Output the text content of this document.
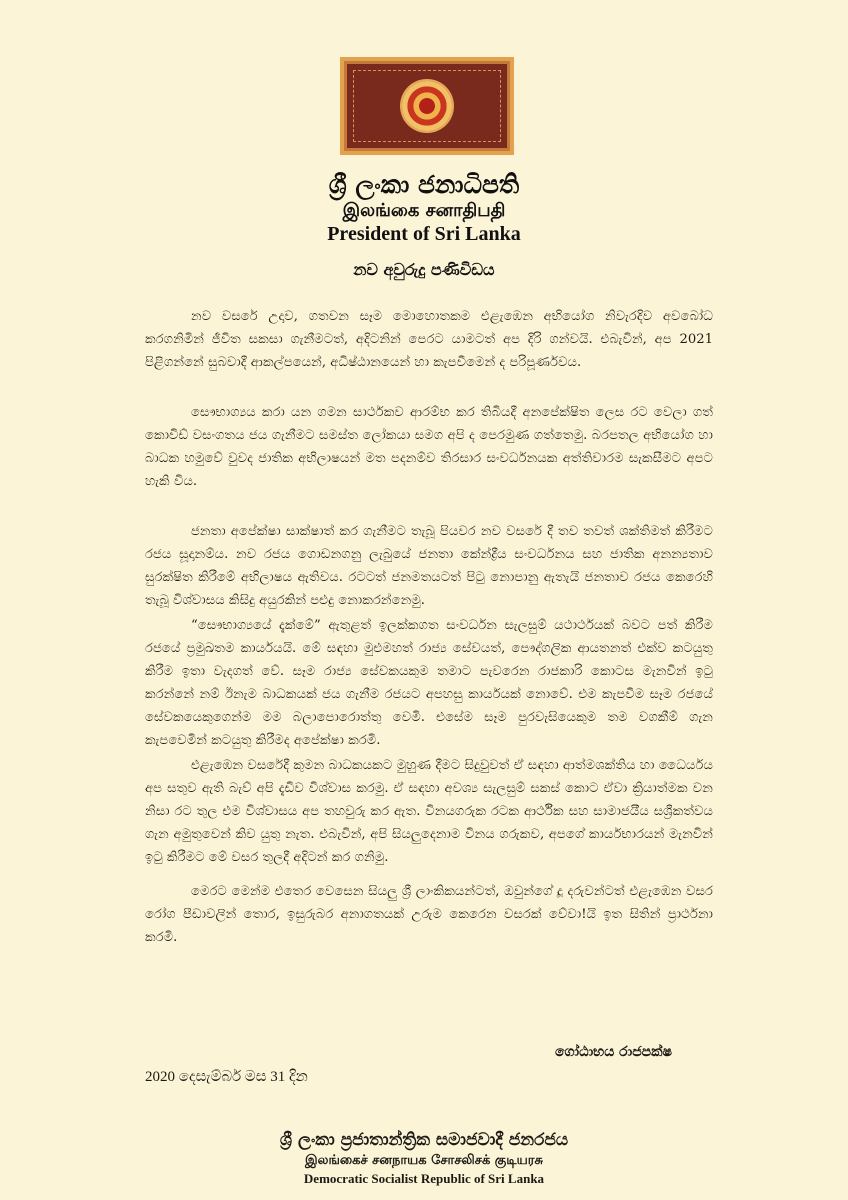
ශ්‍රී ලංකා ජනාධිපති
இலங்கை சனாதிபதி
President of Sri Lanka
නව අවුරුදු පණිවිඩය
නව වසරේ උදාව, ගතවන සෑම මොහොතකම එළැඹෙන අභියෝග නිවැරදිව අවබෝධ කරගනිමින් ජීවිත සකසා ගැනීමටත්, අදිටනින් පෙරට යාමටත් අප දිරි ගන්වයි. එබැවින්, අප 2021 පිළිගන්නේ සුබවාදී ආකල්පයෙන්, අධිෂ්ඨානයෙන් හා කැපවීමෙන් ද පරිපූර්ණවය.
සෞභාග්‍යය කරා යන ගමන සාර්ථකව ආරම්භ කර තිබියදී අනපේක්ෂිත ලෙස රට වෙලා ගත් කොවිඩ් වසංගතය ජය ගැනීමට සමස්ත ලෝකයා සමග අපි ද පෙරමුණ ගත්තෙමු. බරපතල අභියෝග හා බාධක හමුවේ වුවද ජාතික අභිලාෂයන් මත පදනම්ව තිරසාර සංවර්ධනයක අත්තිවාරම සැකසීමට අපට හැකි විය.
ජනතා අපේක්ෂා සාක්ෂාත් කර ගැනීමට තැබූ පියවර නව වසරේ දී තව තවත් ශක්තිමත් කිරීමට රජය සූදානම්ය. නව රජය ගොඩනගනු ලැබුයේ ජනතා කේන්ද්‍රීය සංවර්ධනය සහ ජාතික අනන්‍යතාව සුරක්ෂිත කිරීමේ අභිලාෂය ඇතිවය. රටටත් ජනමතයටත් පිටු නොපානු ඇතැයි ජනතාව රජය කෙරෙහි තැබූ විශ්වාසය කිසිදු අයුරකින් පළුදු නොකරන්නෙමු.
“සෞභාග්‍යයේ දැක්මේ” ඇතුළත් ඉලක්කගත සංවර්ධන සැලසුම් යථාර්ථයක් බවට පත් කිරීම රජයේ ප්‍රමුඛතම කාර්යයයි. මේ සඳහා මුළුමහත් රාජ්‍ය සේවයත්, පෞද්ගලික ආයතනත් එක්ව කටයුතු කිරීම ඉතා වැදගත් වේ. සෑම රාජ්‍ය සේවකයකුම තමාට පැවරෙන රාජකාරි කොටස මැනවින් ඉටු කරන්නේ නම් ඊනැම බාධකයක් ජය ගැනීම රජයට අපහසු කාර්යයක් නොවේ. එම කැපවීම සෑම රජයේ සේවකයෙකුගෙන්ම මම බලාපොරොත්තු වෙමි. එසේම සෑම පුරවැසියෙකුම තම වගකීම් ගැන කැපවෙමින් කටයුතු කිරීමද අපේක්ෂා කරමි.
එළැඹෙන වසරේදී කුමන බාධකයකට මුහුණ දීමට සිදුවුවත් ඒ සඳහා ආත්මශක්තිය හා ධෛර්යය අප සතුව ඇති බැව් අපි දැඩිව විශ්වාස කරමු. ඒ සඳහා අවශ්‍ය සැලසුම් සකස් කොට ඒවා ක්‍රියාත්මක වන නිසා රට තුල එම විශ්වාසය අප තහවුරු කර ඇත. විනයගරුක රටක ආර්ථික සහ සාමාජයීය සශ්‍රීකත්වය ගැන අමුතුවෙන් කිව යුතු නැත. එබැවින්, අපි සියලුදෙනාම විනය ගරුකව, අපගේ කාර්යභාරයන් මැනවින් ඉටු කිරීමට මේ වසර තුලදී අදිටන් කර ගනිමු.
මෙරට මෙන්ම එතෙර වෙසෙන සියලු ශ්‍රී ලාංකිකයන්ටත්, ඔවුන්ගේ දූ දරුවන්ටත් එළැඹෙන වසර රෝග පීඩාවලින් තොර, ඉසුරුබර අනාගතයක් උරුම කෙරෙන වසරක් වේවා!යි ඉත සිතින් ප්‍රාර්ථනා කරමි.
ගෝඨාභය රාජපක්ෂ
2020 දෙසැම්බර් මස 31 දින
ශ්‍රී ලංකා ප්‍රජාතාන්ත්‍රික සමාජවාදී ජනරජය
இலங்கைச் சனநாயக சோசலிசக் குடியரசு
Democratic Socialist Republic of Sri Lanka
